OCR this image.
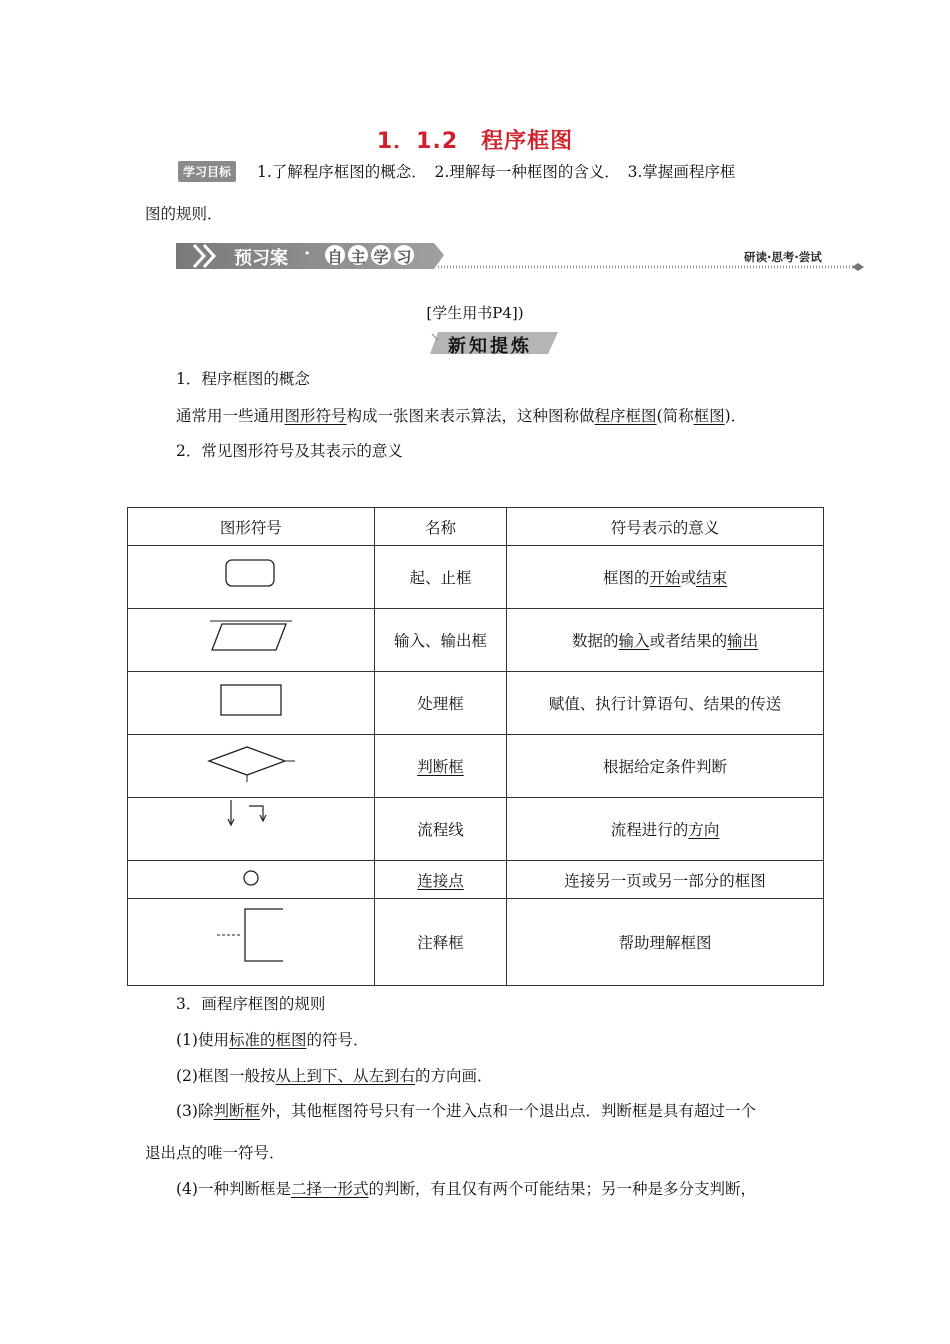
1．1.2　程序框图
学习目标	1.了解程序框图的概念．　2.理解每一种框图的含义．　3.掌握画程序框
图的规则．
预习案 · 自 主 学 习	研读·思考·尝试
[学生用书P4])
新知提炼
1．程序框图的概念
通常用一些通用图形符号构成一张图来表示算法，这种图称做程序框图(简称框图)．
2．常见图形符号及其表示的意义
图形符号	名称	符号表示的意义
	起、止框	框图的开始或结束
	输入、输出框	数据的输入或者结果的输出
	处理框	赋值、执行计算语句、结果的传送
	判断框	根据给定条件判断
	流程线	流程进行的方向
	连接点	连接另一页或另一部分的框图
	注释框	帮助理解框图
3．画程序框图的规则
(1)使用标准的框图的符号．
(2)框图一般按从上到下、从左到右的方向画．
(3)除判断框外，其他框图符号只有一个进入点和一个退出点．判断框是具有超过一个
退出点的唯一符号．
(4)一种判断框是二择一形式的判断，有且仅有两个可能结果；另一种是多分支判断，
